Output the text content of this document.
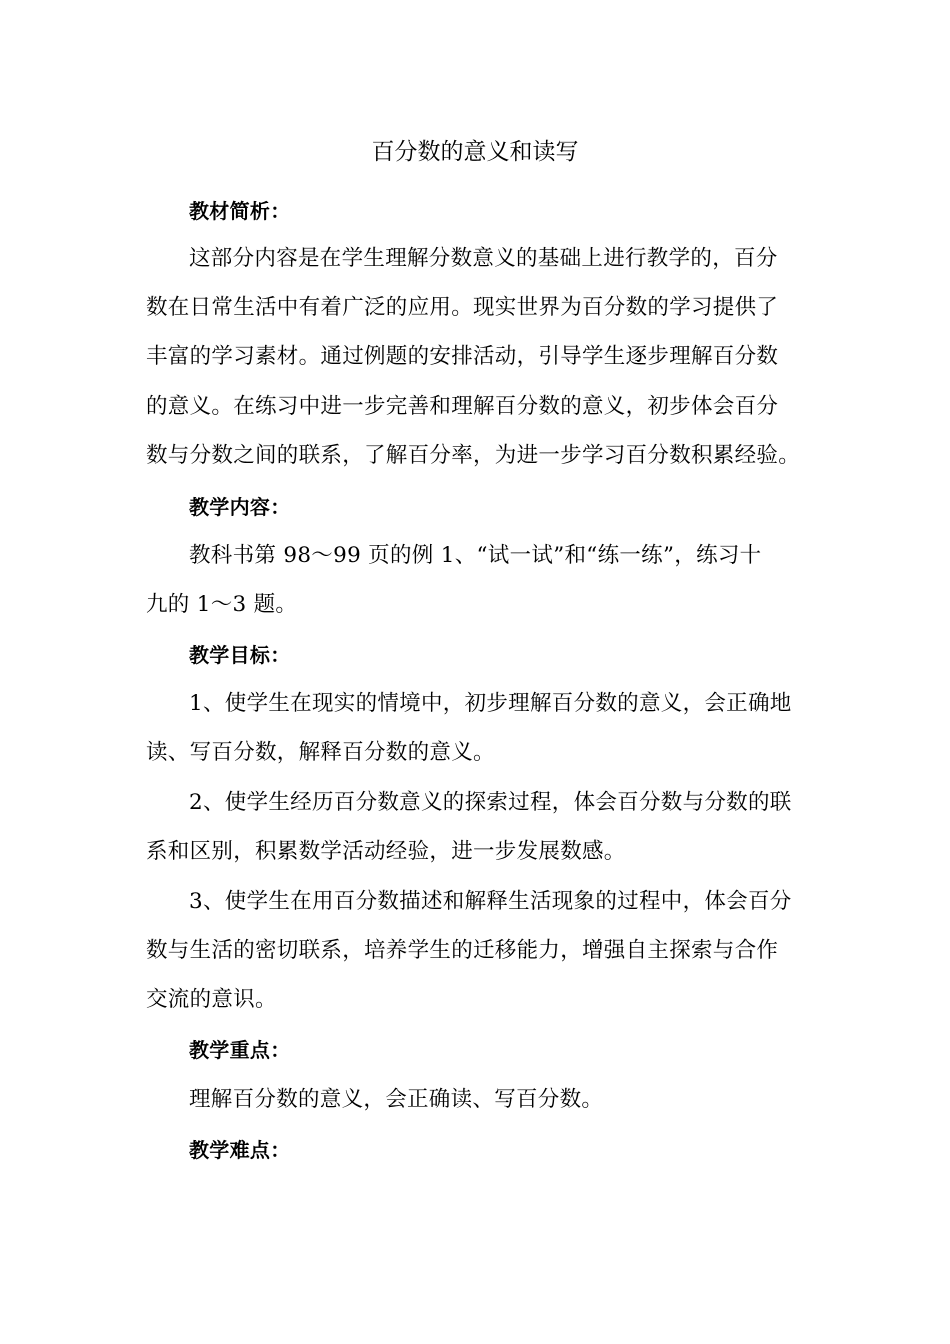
百分数的意义和读写
教材简析：
这部分内容是在学生理解分数意义的基础上进行教学的，百分
数在日常生活中有着广泛的应用。现实世界为百分数的学习提供了
丰富的学习素材。通过例题的安排活动，引导学生逐步理解百分数
的意义。在练习中进一步完善和理解百分数的意义，初步体会百分
数与分数之间的联系，了解百分率，为进一步学习百分数积累经验。
教学内容：
教科书第 98～99 页的例 1、“试一试”和“练一练”，练习十
九的 1～3 题。
教学目标：
1、使学生在现实的情境中，初步理解百分数的意义，会正确地
读、写百分数，解释百分数的意义。
2、使学生经历百分数意义的探索过程，体会百分数与分数的联
系和区别，积累数学活动经验，进一步发展数感。
3、使学生在用百分数描述和解释生活现象的过程中，体会百分
数与生活的密切联系，培养学生的迁移能力，增强自主探索与合作
交流的意识。
教学重点：
理解百分数的意义，会正确读、写百分数。
教学难点：
